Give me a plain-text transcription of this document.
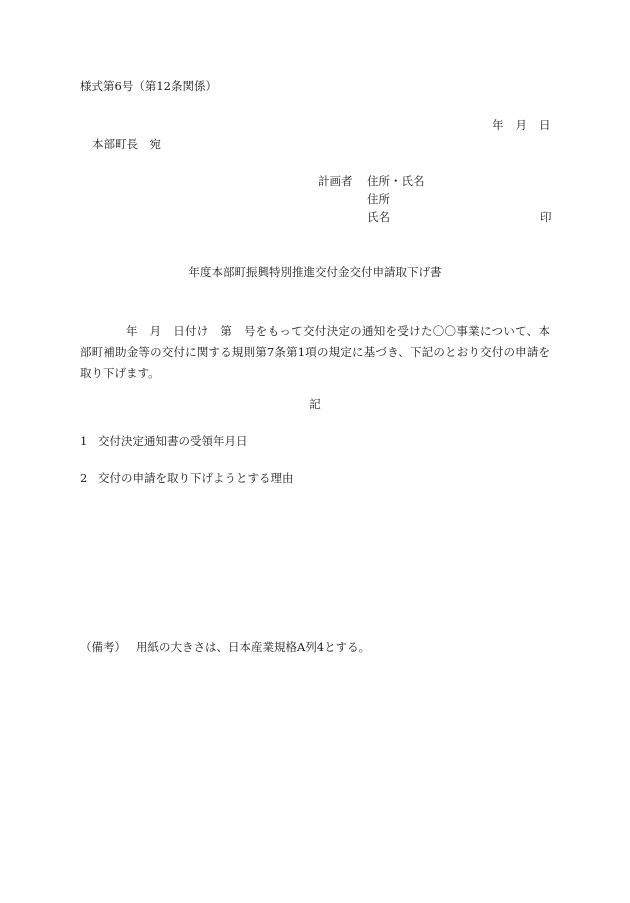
様式第6号（第12条関係）
年 月 日
本部町長　宛
計画者 住所・氏名
住所
氏名	印
年度本部町振興特別推進交付金交付申請取下げ書
年　月　日付け　第　号をもって交付決定の通知を受けた〇〇事業について、本部町補助金等の交付に関する規則第7条第1項の規定に基づき、下記のとおり交付の申請を取り下げます。
記
1 交付決定通知書の受領年月日
2 交付の申請を取り下げようとする理由
（備考） 用紙の大きさは、日本産業規格A列4とする。
